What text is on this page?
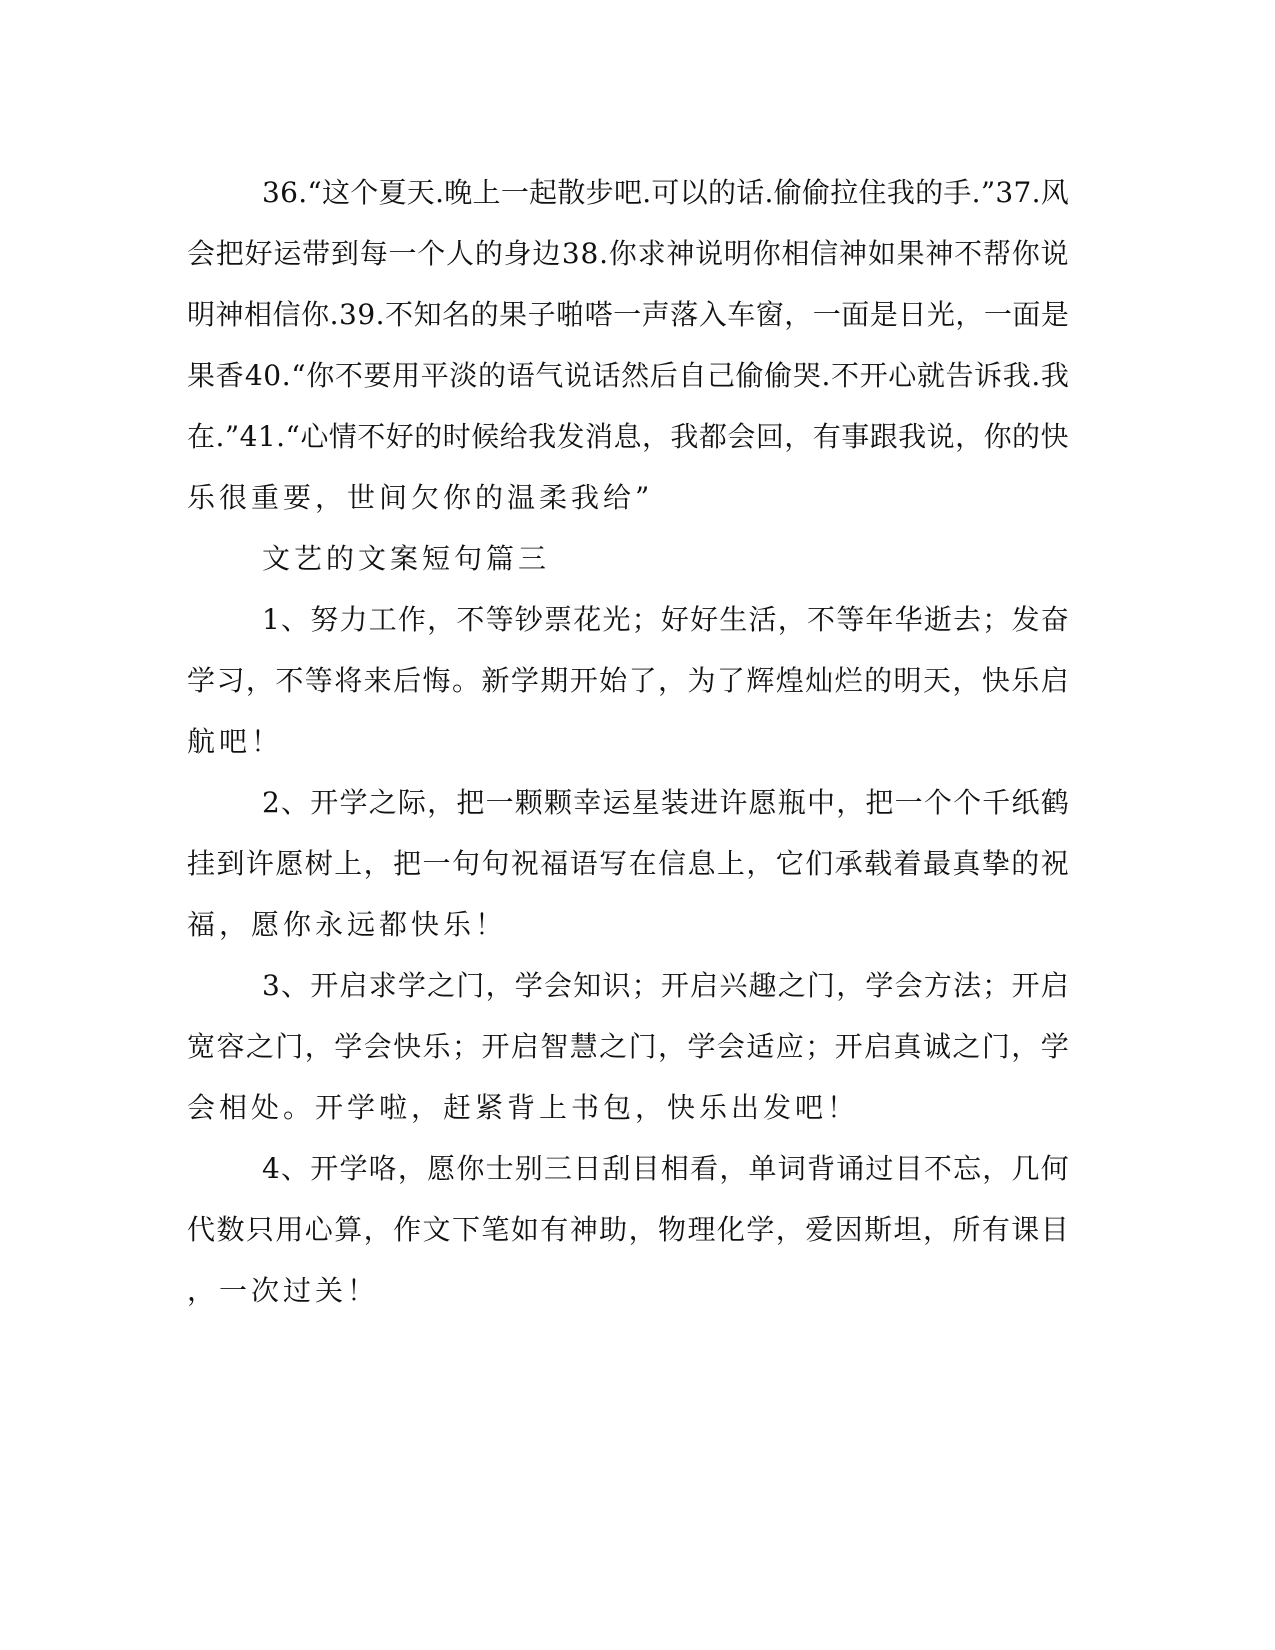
3 6 . “ 这 个 夏 天 . 晚 上 一 起 散 步 吧 . 可 以 的 话 . 偷 偷 拉 住 我 的 手 . ” 3 7 . 风
会 把 好 运 带 到 每 一 个 人 的 身 边 3 8 . 你 求 神 说 明 你 相 信 神 如 果 神 不 帮 你 说
明 神 相 信 你 . 3 9 . 不 知 名 的 果 子 啪 嗒 一 声 落 入 车 窗 ， 一 面 是 日 光 ， 一 面 是
果 香 4 0 . “ 你 不 要 用 平 淡 的 语 气 说 话 然 后 自 己 偷 偷 哭 . 不 开 心 就 告 诉 我 . 我
在 . ” 4 1 . “ 心 情 不 好 的 时 候 给 我 发 消 息 ， 我 都 会 回 ， 有 事 跟 我 说 ， 你 的 快
乐很重要，世间欠你的温柔我给”
文艺的文案短句篇三
1 、 努 力 工 作 ， 不 等 钞 票 花 光 ； 好 好 生 活 ， 不 等 年 华 逝 去 ； 发 奋
学 习 ， 不 等 将 来 后 悔 。 新 学 期 开 始 了 ， 为 了 辉 煌 灿 烂 的 明 天 ， 快 乐 启
航吧！
2 、 开 学 之 际 ， 把 一 颗 颗 幸 运 星 装 进 许 愿 瓶 中 ， 把 一 个 个 千 纸 鹤
挂 到 许 愿 树 上 ， 把 一 句 句 祝 福 语 写 在 信 息 上 ， 它 们 承 载 着 最 真 挚 的 祝
福，愿你永远都快乐！
3 、 开 启 求 学 之 门 ， 学 会 知 识 ； 开 启 兴 趣 之 门 ， 学 会 方 法 ； 开 启
宽 容 之 门 ， 学 会 快 乐 ； 开 启 智 慧 之 门 ， 学 会 适 应 ； 开 启 真 诚 之 门 ， 学
会相处。开学啦，赶紧背上书包，快乐出发吧！
4 、 开 学 咯 ， 愿 你 士 别 三 日 刮 目 相 看 ， 单 词 背 诵 过 目 不 忘 ， 几 何
代 数 只 用 心 算 ， 作 文 下 笔 如 有 神 助 ， 物 理 化 学 ， 爱 因 斯 坦 ， 所 有 课 目
，一次过关！
